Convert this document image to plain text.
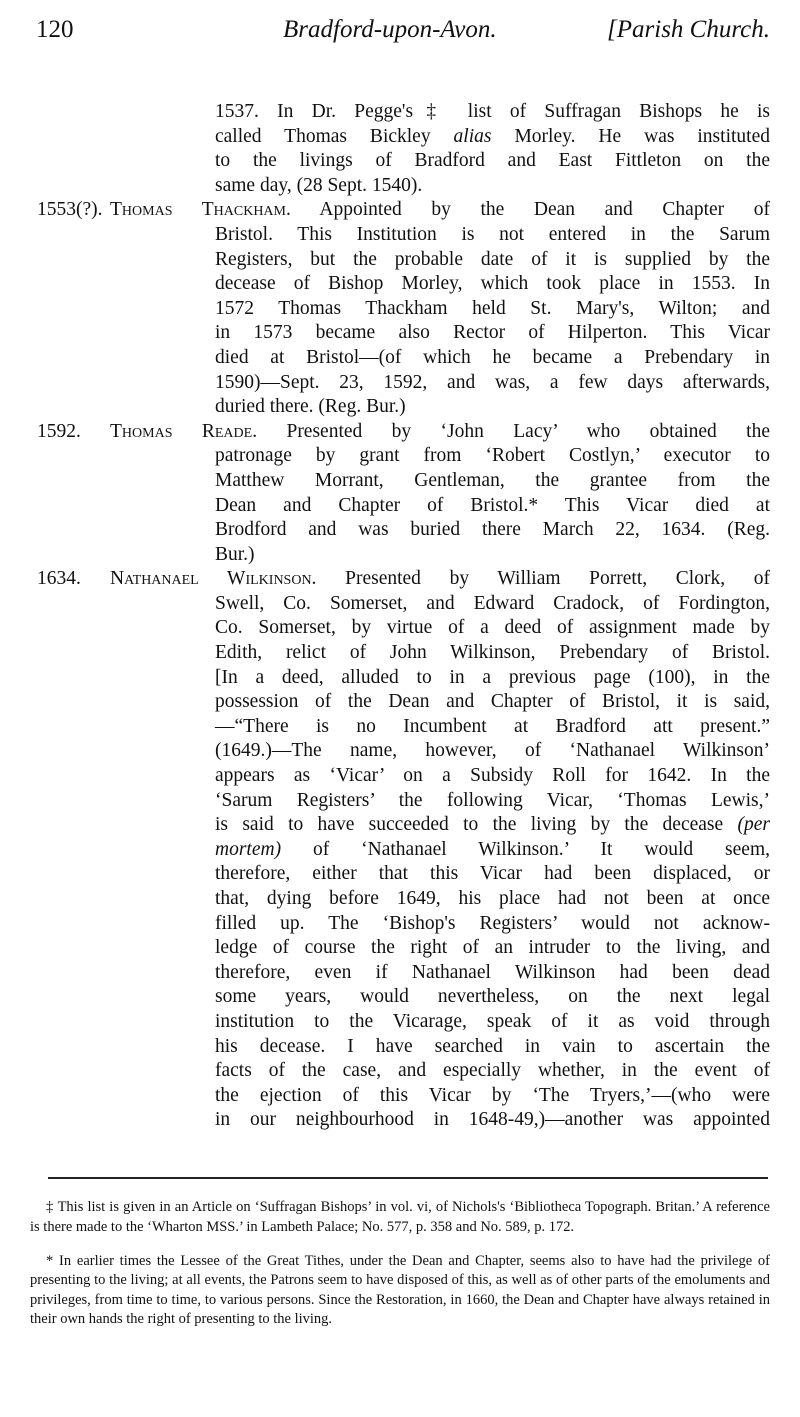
120	Bradford-upon-Avon.	[Parish Church.
1537. In Dr. Pegge's‡ list of Suffragan Bishops he is
called Thomas Bickley alias Morley. He was instituted
to the livings of Bradford and East Fittleton on the
same day, (28 Sept. 1540).
1553(?). Thomas Thackham. Appointed by the Dean and Chapter of
Bristol. This Institution is not entered in the Sarum
Registers, but the probable date of it is supplied by the
decease of Bishop Morley, which took place in 1553. In
1572 Thomas Thackham held St. Mary's, Wilton; and
in 1573 became also Rector of Hilperton. This Vicar
died at Bristol—(of which he became a Prebendary in
1590)—Sept. 23, 1592, and was, a few days afterwards,
duried there. (Reg. Bur.)
1592. Thomas Reade. Presented by ‘John Lacy’ who obtained the
patronage by grant from ‘Robert Costlyn,’ executor to
Matthew Morrant, Gentleman, the grantee from the
Dean and Chapter of Bristol.* This Vicar died at
Brodford and was buried there March 22, 1634. (Reg.
Bur.)
1634. Nathanael Wilkinson. Presented by William Porrett, Clork, of
Swell, Co. Somerset, and Edward Cradock, of Fordington,
Co. Somerset, by virtue of a deed of assignment made by
Edith, relict of John Wilkinson, Prebendary of Bristol.
[In a deed, alluded to in a previous page (100), in the
possession of the Dean and Chapter of Bristol, it is said,
—“There is no Incumbent at Bradford att present.”
(1649.)—The name, however, of ‘Nathanael Wilkinson’
appears as ‘Vicar’ on a Subsidy Roll for 1642. In the
‘Sarum Registers’ the following Vicar, ‘Thomas Lewis,’
is said to have succeeded to the living by the decease (per
mortem) of ‘Nathanael Wilkinson.’ It would seem,
therefore, either that this Vicar had been displaced, or
that, dying before 1649, his place had not been at once
filled up. The ‘Bishop's Registers’ would not acknow-
ledge of course the right of an intruder to the living, and
therefore, even if Nathanael Wilkinson had been dead
some years, would nevertheless, on the next legal
institution to the Vicarage, speak of it as void through
his decease. I have searched in vain to ascertain the
facts of the case, and especially whether, in the event of
the ejection of this Vicar by ‘The Tryers,’—(who were
in our neighbourhood in 1648-49,)—another was appointed

‡ This list is given in an Article on ‘Suffragan Bishops’ in vol. vi, of Nichols's ‘Bibliotheca Topograph. Britan.’ A reference is there made to the ‘Wharton MSS.’ in Lambeth Palace; No. 577, p. 358 and No. 589, p. 172.

* In earlier times the Lessee of the Great Tithes, under the Dean and Chapter, seems also to have had the privilege of presenting to the living; at all events, the Patrons seem to have disposed of this, as well as of other parts of the emoluments and privileges, from time to time, to various persons. Since the Restoration, in 1660, the Dean and Chapter have always retained in their own hands the right of presenting to the living.
